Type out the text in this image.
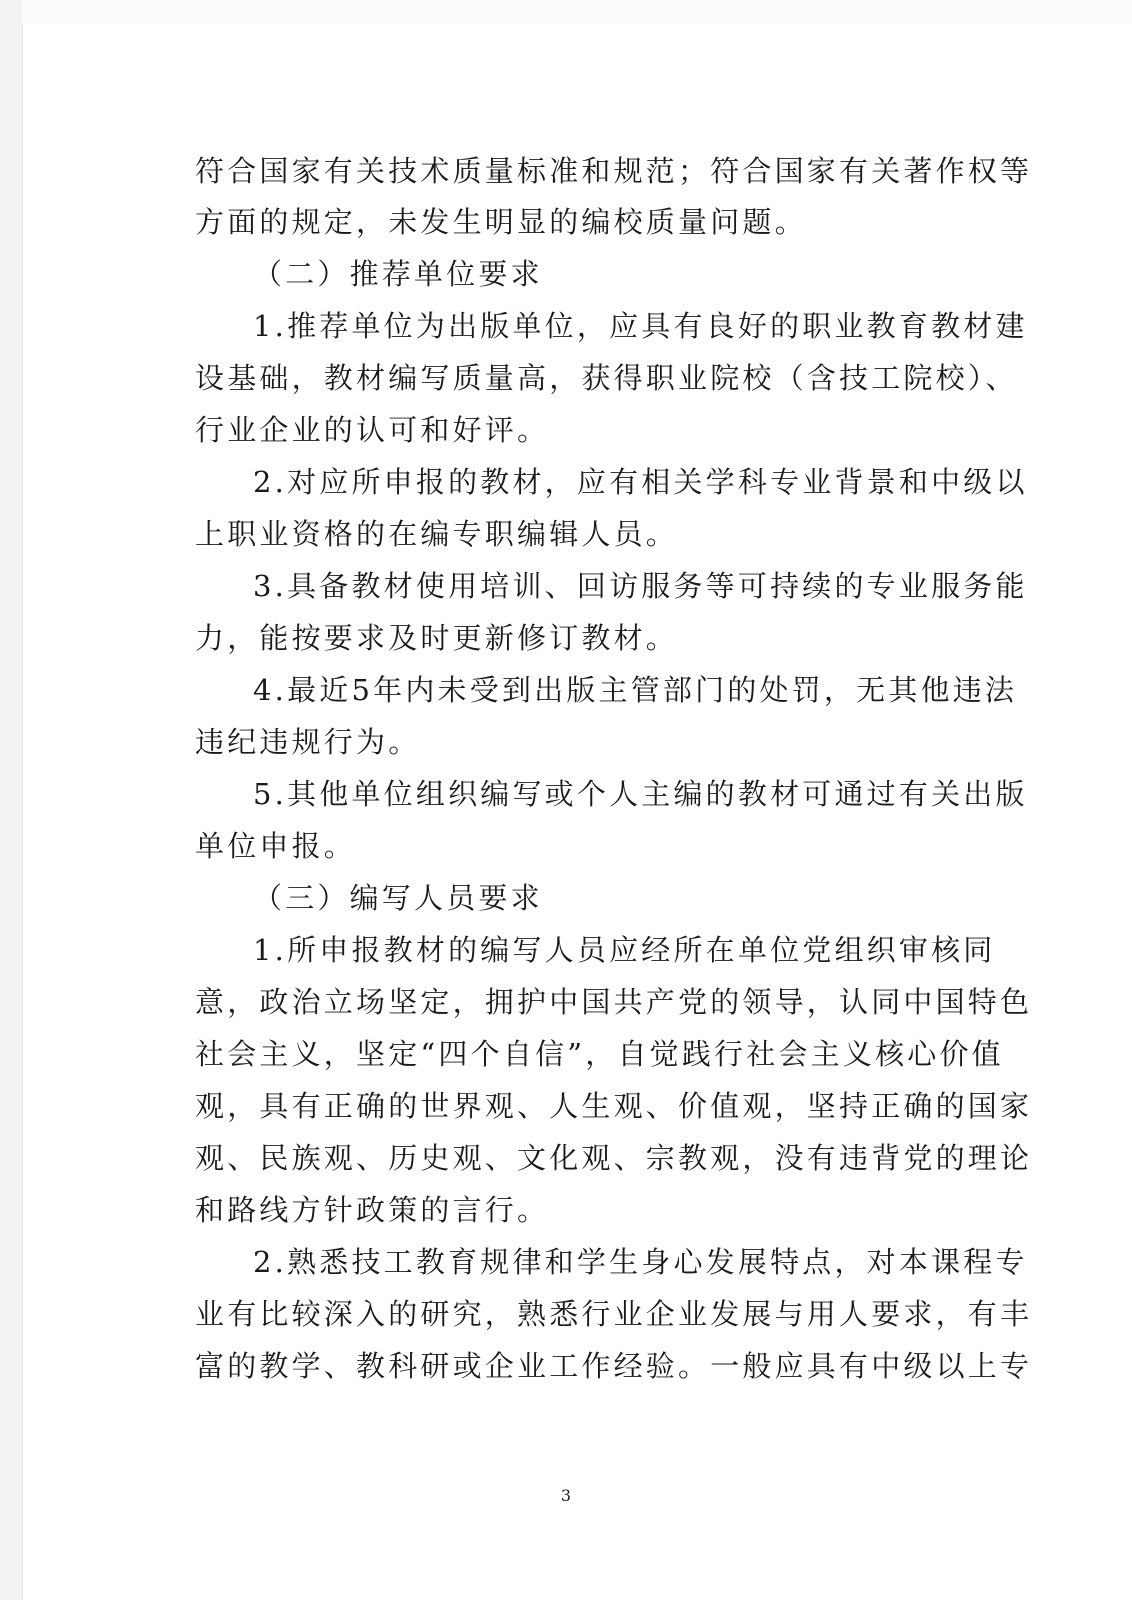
符合国家有关技术质量标准和规范；符合国家有关著作权等
方面的规定，未发生明显的编校质量问题。
（二）推荐单位要求
1.推荐单位为出版单位，应具有良好的职业教育教材建
设基础，教材编写质量高，获得职业院校（含技工院校）、
行业企业的认可和好评。
2.对应所申报的教材，应有相关学科专业背景和中级以
上职业资格的在编专职编辑人员。
3.具备教材使用培训、回访服务等可持续的专业服务能
力，能按要求及时更新修订教材。
4.最近5年内未受到出版主管部门的处罚，无其他违法
违纪违规行为。
5.其他单位组织编写或个人主编的教材可通过有关出版
单位申报。
（三）编写人员要求
1.所申报教材的编写人员应经所在单位党组织审核同
意，政治立场坚定，拥护中国共产党的领导，认同中国特色
社会主义，坚定“四个自信”，自觉践行社会主义核心价值
观，具有正确的世界观、人生观、价值观，坚持正确的国家
观、民族观、历史观、文化观、宗教观，没有违背党的理论
和路线方针政策的言行。
2.熟悉技工教育规律和学生身心发展特点，对本课程专
业有比较深入的研究，熟悉行业企业发展与用人要求，有丰
富的教学、教科研或企业工作经验。一般应具有中级以上专
3
